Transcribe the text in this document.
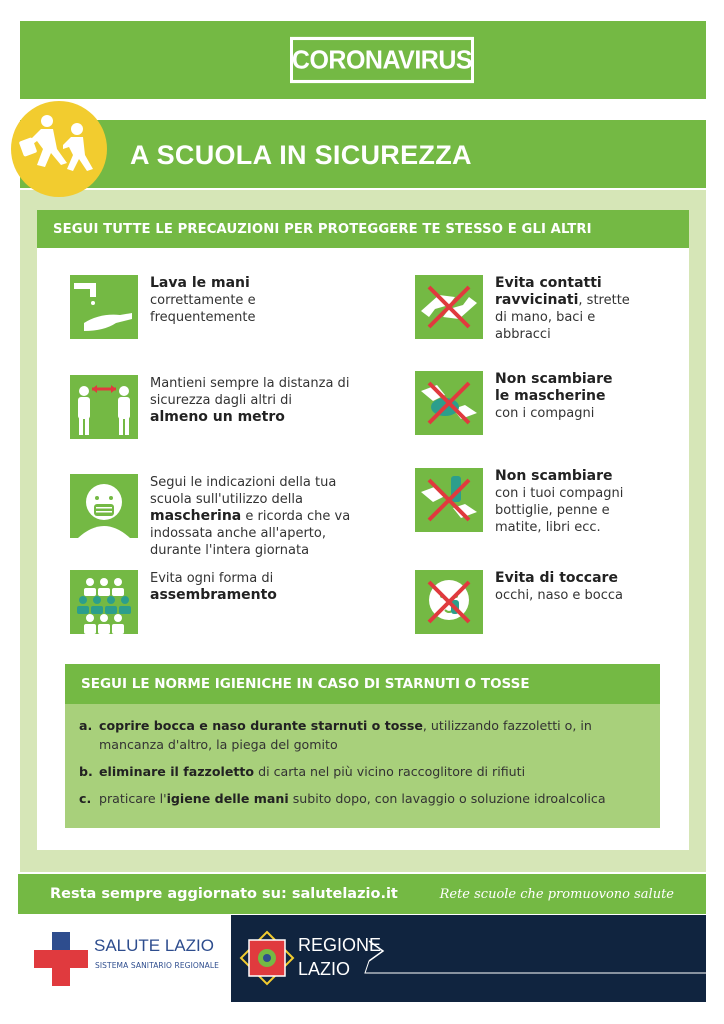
CORONAVIRUS
A SCUOLA IN SICUREZZA
SEGUI TUTTE LE PRECAUZIONI PER PROTEGGERE TE STESSO E GLI ALTRI
Lava le mani
correttamente e frequentemente
Mantieni sempre la distanza di sicurezza dagli altri di almeno un metro
Segui le indicazioni della tua scuola sull'utilizzo della mascherina e ricorda che va indossata anche all'aperto, durante l'intera giornata
Evita ogni forma di
assembramento
Evita contatti
ravvicinati, strette di mano, baci e abbracci
Non scambiare le mascherine
con i compagni
Non scambiare
con i tuoi compagni bottiglie, penne e matite, libri ecc.
Evita di toccare
occhi, naso e bocca
SEGUI LE NORME IGIENICHE IN CASO DI STARNUTI O TOSSE
a. coprire bocca e naso durante starnuti o tosse, utilizzando fazzoletti o, in mancanza d'altro, la piega del gomito
b. eliminare il fazzoletto di carta nel più vicino raccoglitore di rifiuti
c. praticare l'igiene delle mani subito dopo, con lavaggio o soluzione idroalcolica
Resta sempre aggiornato su: salutelazio.it	Rete scuole che promuovono salute
SALUTE LAZIO
SISTEMA SANITARIO REGIONALE
REGIONE
LAZIO
